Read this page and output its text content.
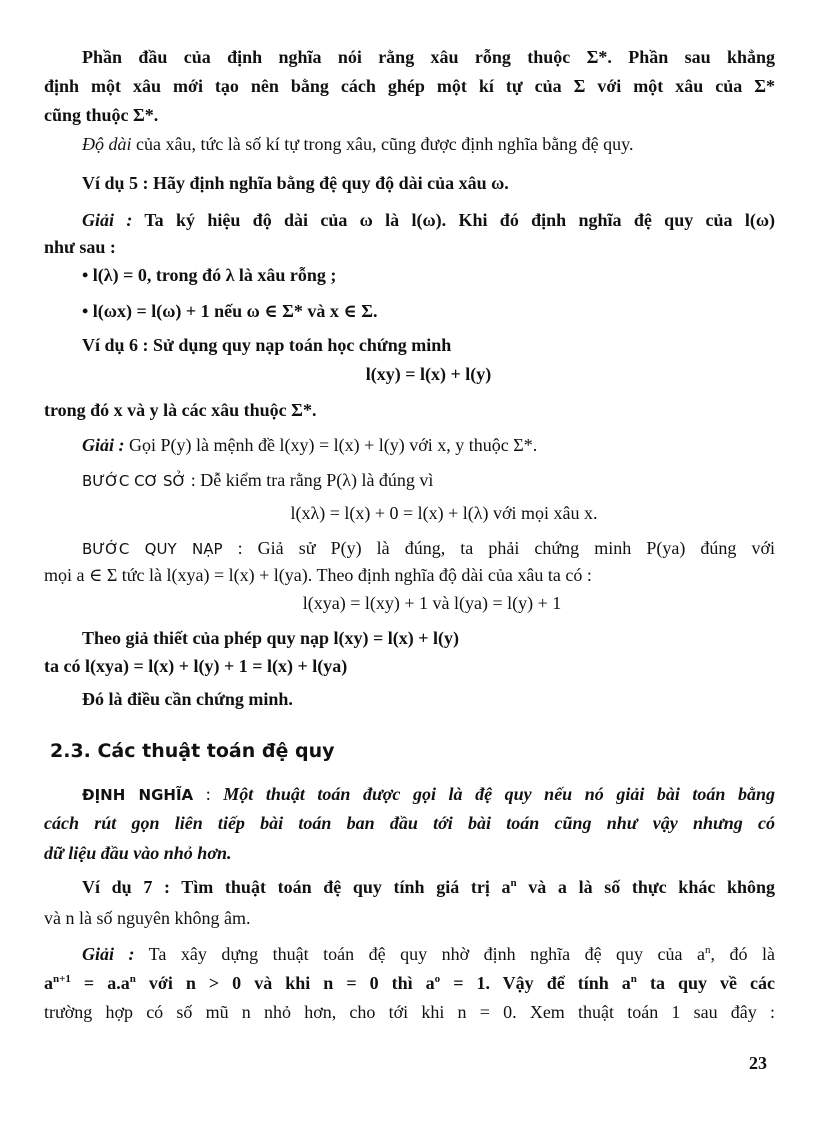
Phần đầu của định nghĩa nói rằng xâu rỗng thuộc Σ*. Phần sau khẳng
định một xâu mới tạo nên bằng cách ghép một kí tự của Σ với một xâu của Σ*
cũng thuộc Σ*.
Độ dài của xâu, tức là số kí tự trong xâu, cũng được định nghĩa bằng đệ quy.
Ví dụ 5 : Hãy định nghĩa bằng đệ quy độ dài của xâu ω.
Giải : Ta ký hiệu độ dài của ω là l(ω). Khi đó định nghĩa đệ quy của l(ω)
như sau :
• l(λ) = 0, trong đó λ là xâu rỗng ;
• l(ωx) = l(ω) + 1 nếu ω ∈ Σ* và x ∈ Σ.
Ví dụ 6 : Sử dụng quy nạp toán học chứng minh
l(xy) = l(x) + l(y)
trong đó x và y là các xâu thuộc Σ*.
Giải : Gọi P(y) là mệnh đề l(xy) = l(x) + l(y) với x, y thuộc Σ*.
BƯỚC CƠ SỞ : Dễ kiểm tra rằng P(λ) là đúng vì
l(xλ) = l(x) + 0 = l(x) + l(λ) với mọi xâu x.
BƯỚC QUY NẠP : Giả sử P(y) là đúng, ta phải chứng minh P(ya) đúng với
mọi a ∈ Σ tức là l(xya) = l(x) + l(ya). Theo định nghĩa độ dài của xâu ta có :
l(xya) = l(xy) + 1 và l(ya) = l(y) + 1
Theo giả thiết của phép quy nạp l(xy) = l(x) + l(y)
ta có l(xya) = l(x) + l(y) + 1 = l(x) + l(ya)
Đó là điều cần chứng minh.
2.3. Các thuật toán đệ quy
ĐỊNH NGHĨA : Một thuật toán được gọi là đệ quy nếu nó giải bài toán bằng
cách rút gọn liên tiếp bài toán ban đầu tới bài toán cũng như vậy nhưng có
dữ liệu đầu vào nhỏ hơn.
Ví dụ 7 : Tìm thuật toán đệ quy tính giá trị $a^n$ và a là số thực khác không
và n là số nguyên không âm.
Giải : Ta xây dựng thuật toán đệ quy nhờ định nghĩa đệ quy của $a^n$, đó là
$a^{n+1} = a.a^n$ với n > 0 và khi n = 0 thì $a^o = 1$. Vậy để tính $a^n$ ta quy về các
trường hợp có số mũ n nhỏ hơn, cho tới khi n = 0. Xem thuật toán 1 sau đây :
23
